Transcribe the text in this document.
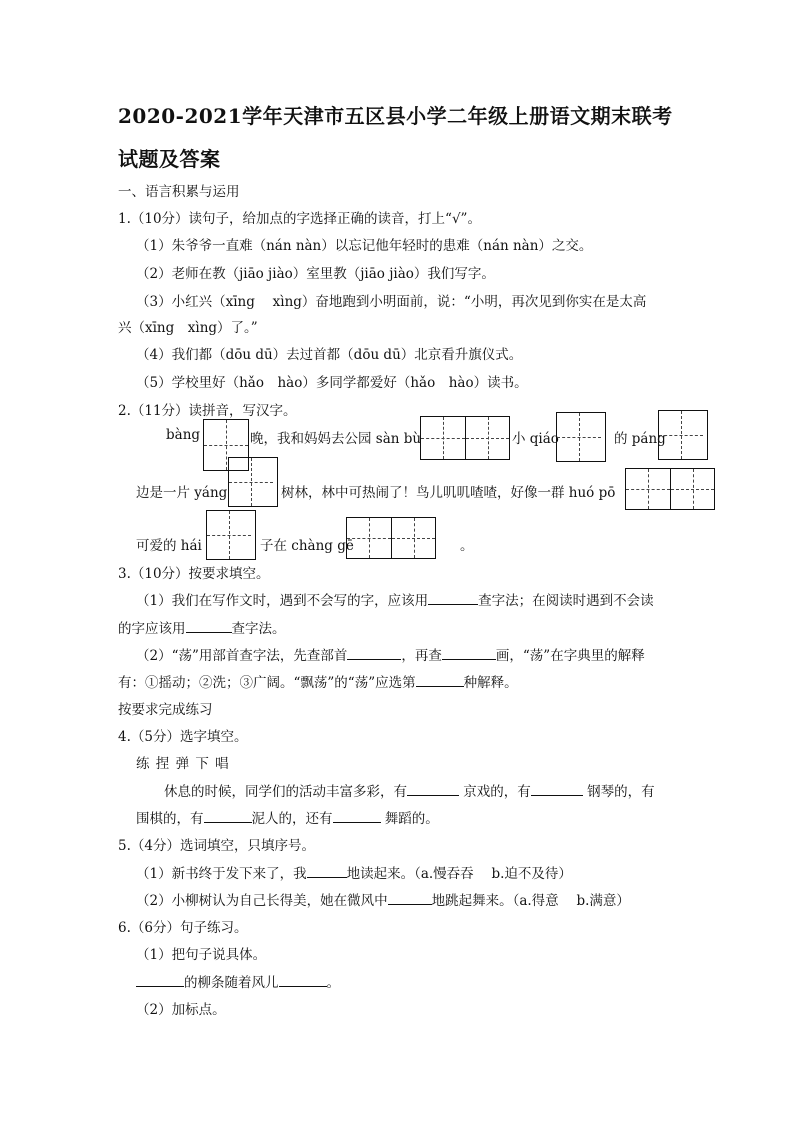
2020-2021学年天津市五区县小学二年级上册语文期末联考
试题及答案
一、语言积累与运用
1.（10分）读句子，给加点的字选择正确的读音，打上“√”。
（1）朱爷爷一直难（nán nàn）以忘记他年轻时的患难（nán nàn）之交。
（2）老师在教（jiāo jiào）室里教（jiāo jiào）我们写字。
（3）小红兴（xīng　 xìng）奋地跑到小明面前，说：“小明，再次见到你实在是太高
兴（xīng　xìng）了。”
（4）我们都（dōu dū）去过首都（dōu dū）北京看升旗仪式。
（5）学校里好（hǎo　hào）多同学都爱好（hǎo　hào）读书。
2.（11分）读拼音，写汉字。
bàng	晚，我和妈妈去公园 sàn bù	小 qiáo	的 páng
边是一片 yáng	树林，林中可热闹了！鸟儿叽叽喳喳，好像一群 huó pō
可爱的 hái	子在 chàng gē	。
3.（10分）按要求填空。
（1）我们在写作文时，遇到不会写的字，应该用	查字法；在阅读时遇到不会读
的字应该用	查字法。
（2）“荡”用部首查字法，先查部首	，再查	画，“荡”在字典里的解释
有：①摇动；②洗；③广阔。“飘荡”的“荡”应选第	种解释。
按要求完成练习
4.（5分）选字填空。
练 捏 弹 下 唱
休息的时候，同学们的活动丰富多彩，有	京戏的，有	钢琴的，有
围棋的，有	泥人的，还有	舞蹈的。
5.（4分）选词填空，只填序号。
（1）新书终于发下来了，我	地读起来。（a.慢吞吞　 b.迫不及待）
（2）小柳树认为自己长得美，她在微风中	地跳起舞来。（a.得意　 b.满意）
6.（6分）句子练习。
（1）把句子说具体。
的柳条随着风儿	。
（2）加标点。
